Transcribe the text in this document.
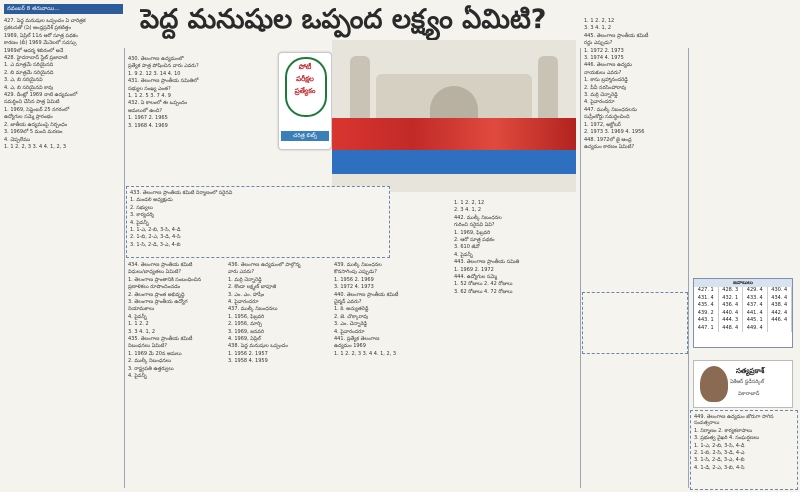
నవంబర్ 8 తరువాయి...	పెద్ద మనుషుల ఒప్పంద లక్ష్యం ఏమిటి?
పోటీ
పరీక్షల
ప్రత్యేకం
చరిత్ర బిట్స్

427. పెద్ద మనుషుల ఒప్పందం ఏ చారిత్రక

ప్రకటనతో (ఏ) ఆంధ్రప్రదేశ్ ప్రకటిత్తం

1969, ఏప్రిల్ 11న ఆరో సూత్ర పథకం

కారణం (బీ) 1969 మేనెలలో సదస్సు

1969లో ఆదర్శ శిబిరంలో అనే

428. హైదరాబాద్ స్టేట్ ప్రజావాణి

1. ఎ మాత్రమే సరియైనది

2. బి మాత్రమే సరియైనది

3. ఎ, బి సరియైనవి

4. ఎ, బి సరియైనవి కావు

429. దీంట్లో 1969 నాటి ఉద్యమంలో

సమర్థించి చేసిన పాత్ర ఏమిటి

1. 1969, సెప్టెంబర్ 25 నగరంలో

ఉద్యోగుల సమ్మె ప్రారంభం

2. జాతీయ ఉద్యమంపై నిర్బంధం

3. 1969లో 5 మంది మరణం

4. చెప్పలేము

1. 1 2. 2, 3 3. 4 4. 1, 2, 3

430. తెలంగాణ ఉద్యమంలో

ప్రత్యేక పాత్ర పోషించిన వారు ఎవరు?

1. 9 2. 12 3. 14 4. 10

431. తెలంగాణ ప్రాంతీయ సమితిలో

సభ్యుల సంఖ్య ఎంత?

1. 1 2. 5 3. 7 4. 9

432. ఏ కాలంలో ఈ ఒప్పందం

అమలులో ఉంది?

1. 1967 2. 1965

3. 1968 4. 1969

433. తెలంగాణ ప్రాంతీయ కమిటీ నిర్మాణంలో సరైనవి

1. మండలి అధ్యక్షుడు

2. సభ్యులు

3. కార్యదర్శి

4. పైవన్నీ

1. 1-ఎ, 2-బి, 3-సి, 4-డి

2. 1-బి, 2-ఎ, 3-డి, 4-సి

3. 1-సి, 2-డి, 3-ఎ, 4-బి

434. తెలంగాణ ప్రాంతీయ కమిటీ

విధులు/బాధ్యతలు ఏమిటి?

1. తెలంగాణ ప్రాంతానికి సంబంధించిన

ప్రణాళికలు రూపొందించడం

2. తెలంగాణ ప్రాంత అభివృద్ధి

3. తెలంగాణ ప్రాంతీయ ఉద్యోగ

నియామకాలు

4. పైవన్నీ

1. 1 2. 2

3. 3 4. 1, 2

435. తెలంగాణ ప్రాంతీయ కమిటీ

నిబంధనలు ఏమిటి?

1. 1969 మే 20న అమలు

2. ముల్కీ నిబంధనలు

3. రాష్ట్రపతి ఉత్తర్వులు

4. పైవన్నీ

436. తెలంగాణ ఉద్యమంలో పాల్గొన్న

వారు ఎవరు?

1. మర్రి చెన్నారెడ్డి

2. కొండా లక్ష్మణ్ బాపూజీ

3. ఎం. ఎం. హాషీం

4. పైవారందరూ

437. ముల్కీ నిబంధనలు

1. 1956, ఫిబ్రవరి

2. 1956, మార్చి

3. 1969, జనవరి

4. 1969, ఏప్రిల్

438. పెద్ద మనుషుల ఒప్పందం

1. 1956 2. 1957

3. 1958 4. 1959

439. ముల్కీ నిబంధనల

కొనసాగింపు ఎప్పుడు?

1. 1956 2. 1969

3. 1972 4. 1973

440. తెలంగాణ ప్రాంతీయ కమిటీ

ఛైర్మన్ ఎవరు?

1. కె. అచ్యుతరెడ్డి

2. జె. చొక్కారావు

3. ఎం. చెన్నారెడ్డి

4. పైవారందరూ

441. ప్రత్యేక తెలంగాణ

ఉద్యమం 1969

1. 1 2. 2, 3 3. 4 4. 1, 2, 3

1. 1 2. 2, 12

2. 3 4. 1, 2

442. ముల్కీ నిబంధనల

గురించి సరైనవి ఏవి?

1. 1969, ఫిబ్రవరి

2. ఆరో సూత్ర పథకం

3. 610 జీవో

4. పైవన్నీ

443. తెలంగాణ ప్రాంతీయ సమితి

1. 1969 2. 1972

444. ఉద్యోగుల సమ్మె

1. 52 రోజులు 2. 42 రోజులు

3. 62 రోజులు 4. 72 రోజులు

1. 1 2. 2, 12

3. 3 4. 1, 2

445. తెలంగాణ ప్రాంతీయ కమిటీ

రద్దు ఎప్పుడు?

1. 1972 2. 1973

3. 1974 4. 1975

446. తెలంగాణ ఉద్యమ

నాయకులు ఎవరు?

1. కాసు బ్రహ్మానందరెడ్డి

2. పీవీ నరసింహారావు

3. మర్రి చెన్నారెడ్డి

4. పైవారందరూ

447. ముల్కీ నిబంధనలను

సుప్రీంకోర్టు సమర్థించింది

1. 1972, అక్టోబర్

2. 1973 3. 1969 4. 1956

448. 1972లో జై ఆంధ్ర

ఉద్యమం కారణం ఏమిటి?

జవాబులు
427. 1	428. 3	429. 4	430. 4
431. 4	432. 1	433. 4	434. 4
435. 4	436. 4	437. 4	438. 4
439. 2	440. 4	441. 4	442. 4
443. 1	444. 3	445. 1	446. 4
447. 1	448. 4	449. 4
సత్యప్రకాశ్
ఏకేఆర్ స్టడీసర్కిల్
వికారాబాద్

449. తెలంగాణ ఉద్యమం జోరుగా సాగిన సంవత్సరాలు

1. నిర్మాణం 2. కార్యకలాపాలు

3. ప్రభుత్వ వైఖరి 4. సంఘర్షణలు

1. 1-ఎ, 2-బి, 3-సి, 4-డి

2. 1-బి, 2-సి, 3-డి, 4-ఎ

3. 1-సి, 2-డి, 3-ఎ, 4-బి

4. 1-డి, 2-ఎ, 3-బి, 4-సి
